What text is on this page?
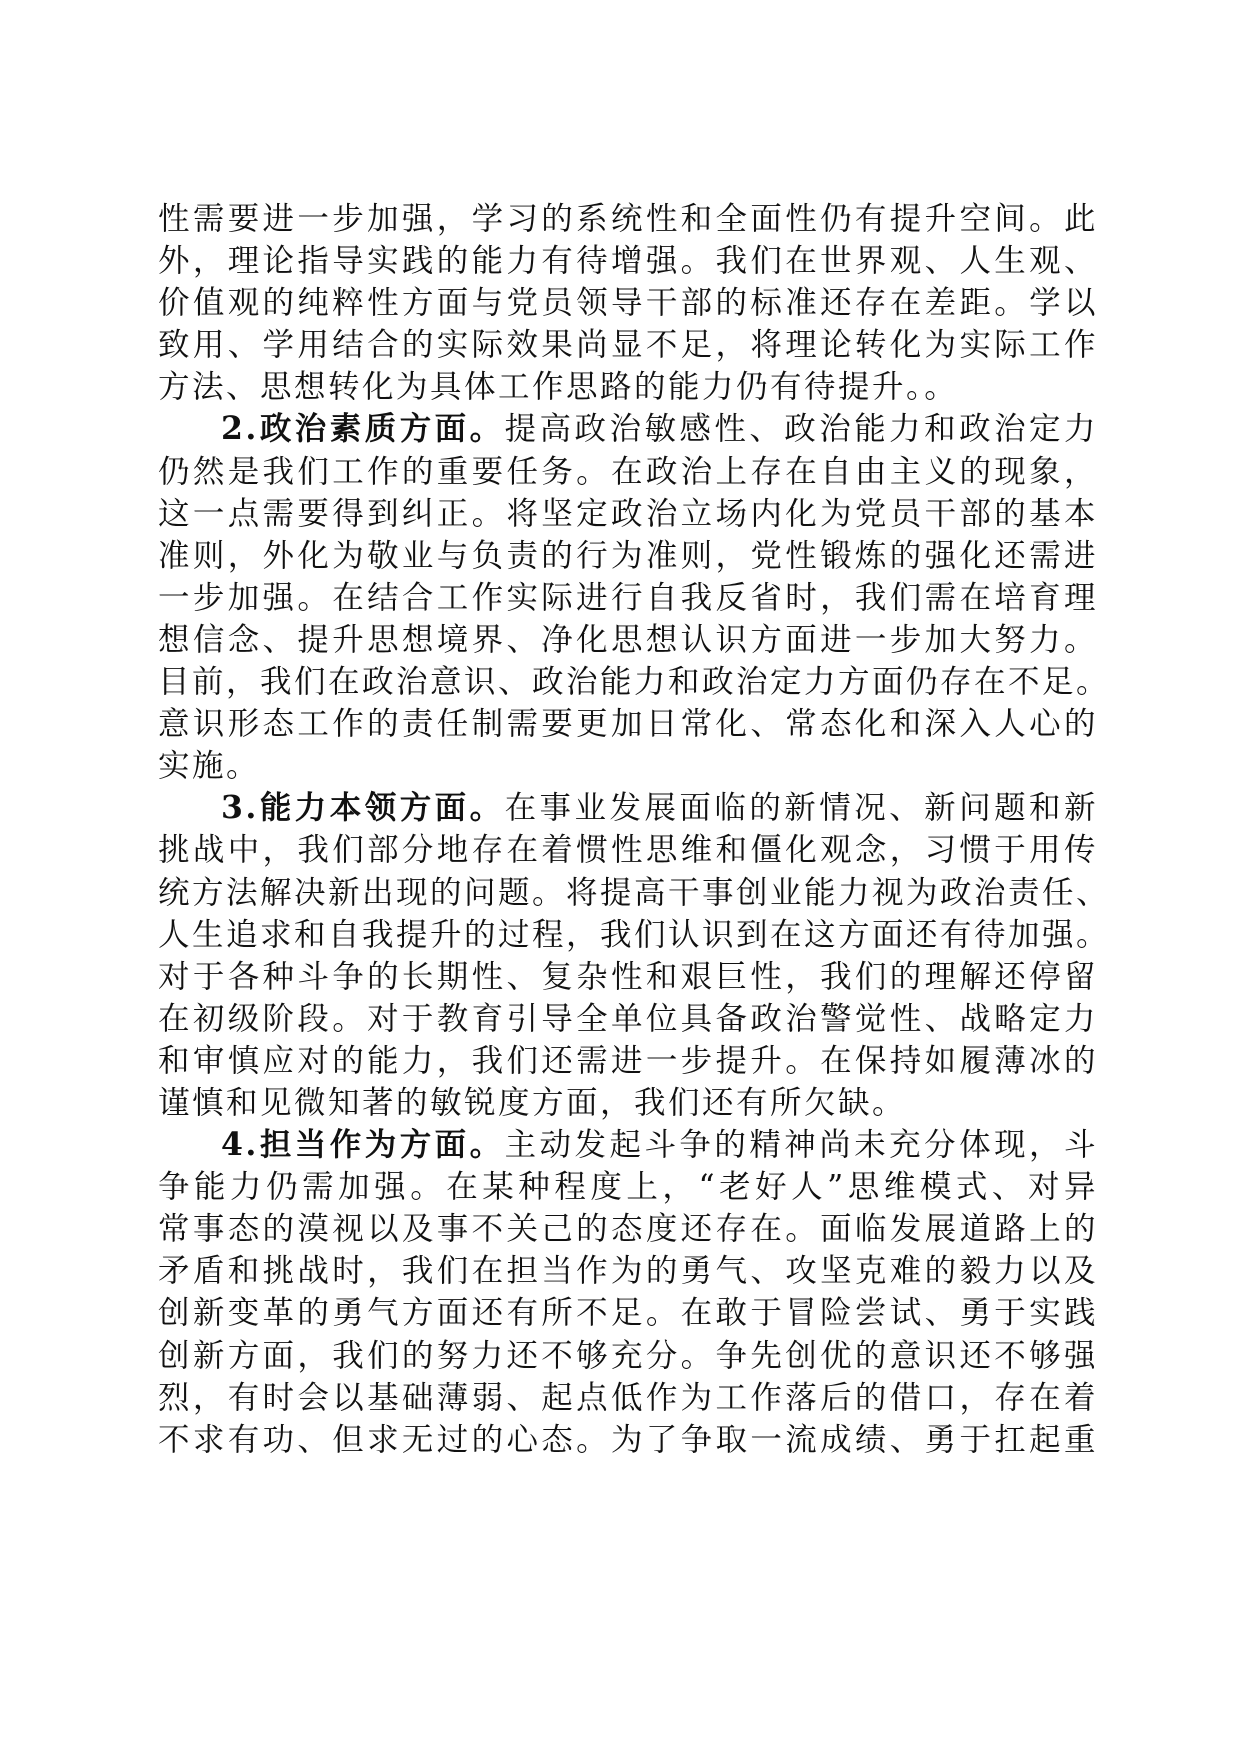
性需要进一步加强，学习的系统性和全面性仍有提升空间。此
外，理论指导实践的能力有待增强。我们在世界观、人生观、
价值观的纯粹性方面与党员领导干部的标准还存在差距。学以
致用、学用结合的实际效果尚显不足，将理论转化为实际工作
方法、思想转化为具体工作思路的能力仍有待提升。。
2.政治素质方面。提高政治敏感性、政治能力和政治定力
仍然是我们工作的重要任务。在政治上存在自由主义的现象，
这一点需要得到纠正。将坚定政治立场内化为党员干部的基本
准则，外化为敬业与负责的行为准则，党性锻炼的强化还需进
一步加强。在结合工作实际进行自我反省时，我们需在培育理
想信念、提升思想境界、净化思想认识方面进一步加大努力。
目前，我们在政治意识、政治能力和政治定力方面仍存在不足。
意识形态工作的责任制需要更加日常化、常态化和深入人心的
实施。
3.能力本领方面。在事业发展面临的新情况、新问题和新
挑战中，我们部分地存在着惯性思维和僵化观念，习惯于用传
统方法解决新出现的问题。将提高干事创业能力视为政治责任、
人生追求和自我提升的过程，我们认识到在这方面还有待加强。
对于各种斗争的长期性、复杂性和艰巨性，我们的理解还停留
在初级阶段。对于教育引导全单位具备政治警觉性、战略定力
和审慎应对的能力，我们还需进一步提升。在保持如履薄冰的
谨慎和见微知著的敏锐度方面，我们还有所欠缺。
4.担当作为方面。主动发起斗争的精神尚未充分体现，斗
争能力仍需加强。在某种程度上，“老好人”思维模式、对异
常事态的漠视以及事不关己的态度还存在。面临发展道路上的
矛盾和挑战时，我们在担当作为的勇气、攻坚克难的毅力以及
创新变革的勇气方面还有所不足。在敢于冒险尝试、勇于实践
创新方面，我们的努力还不够充分。争先创优的意识还不够强
烈，有时会以基础薄弱、起点低作为工作落后的借口，存在着
不求有功、但求无过的心态。为了争取一流成绩、勇于扛起重
